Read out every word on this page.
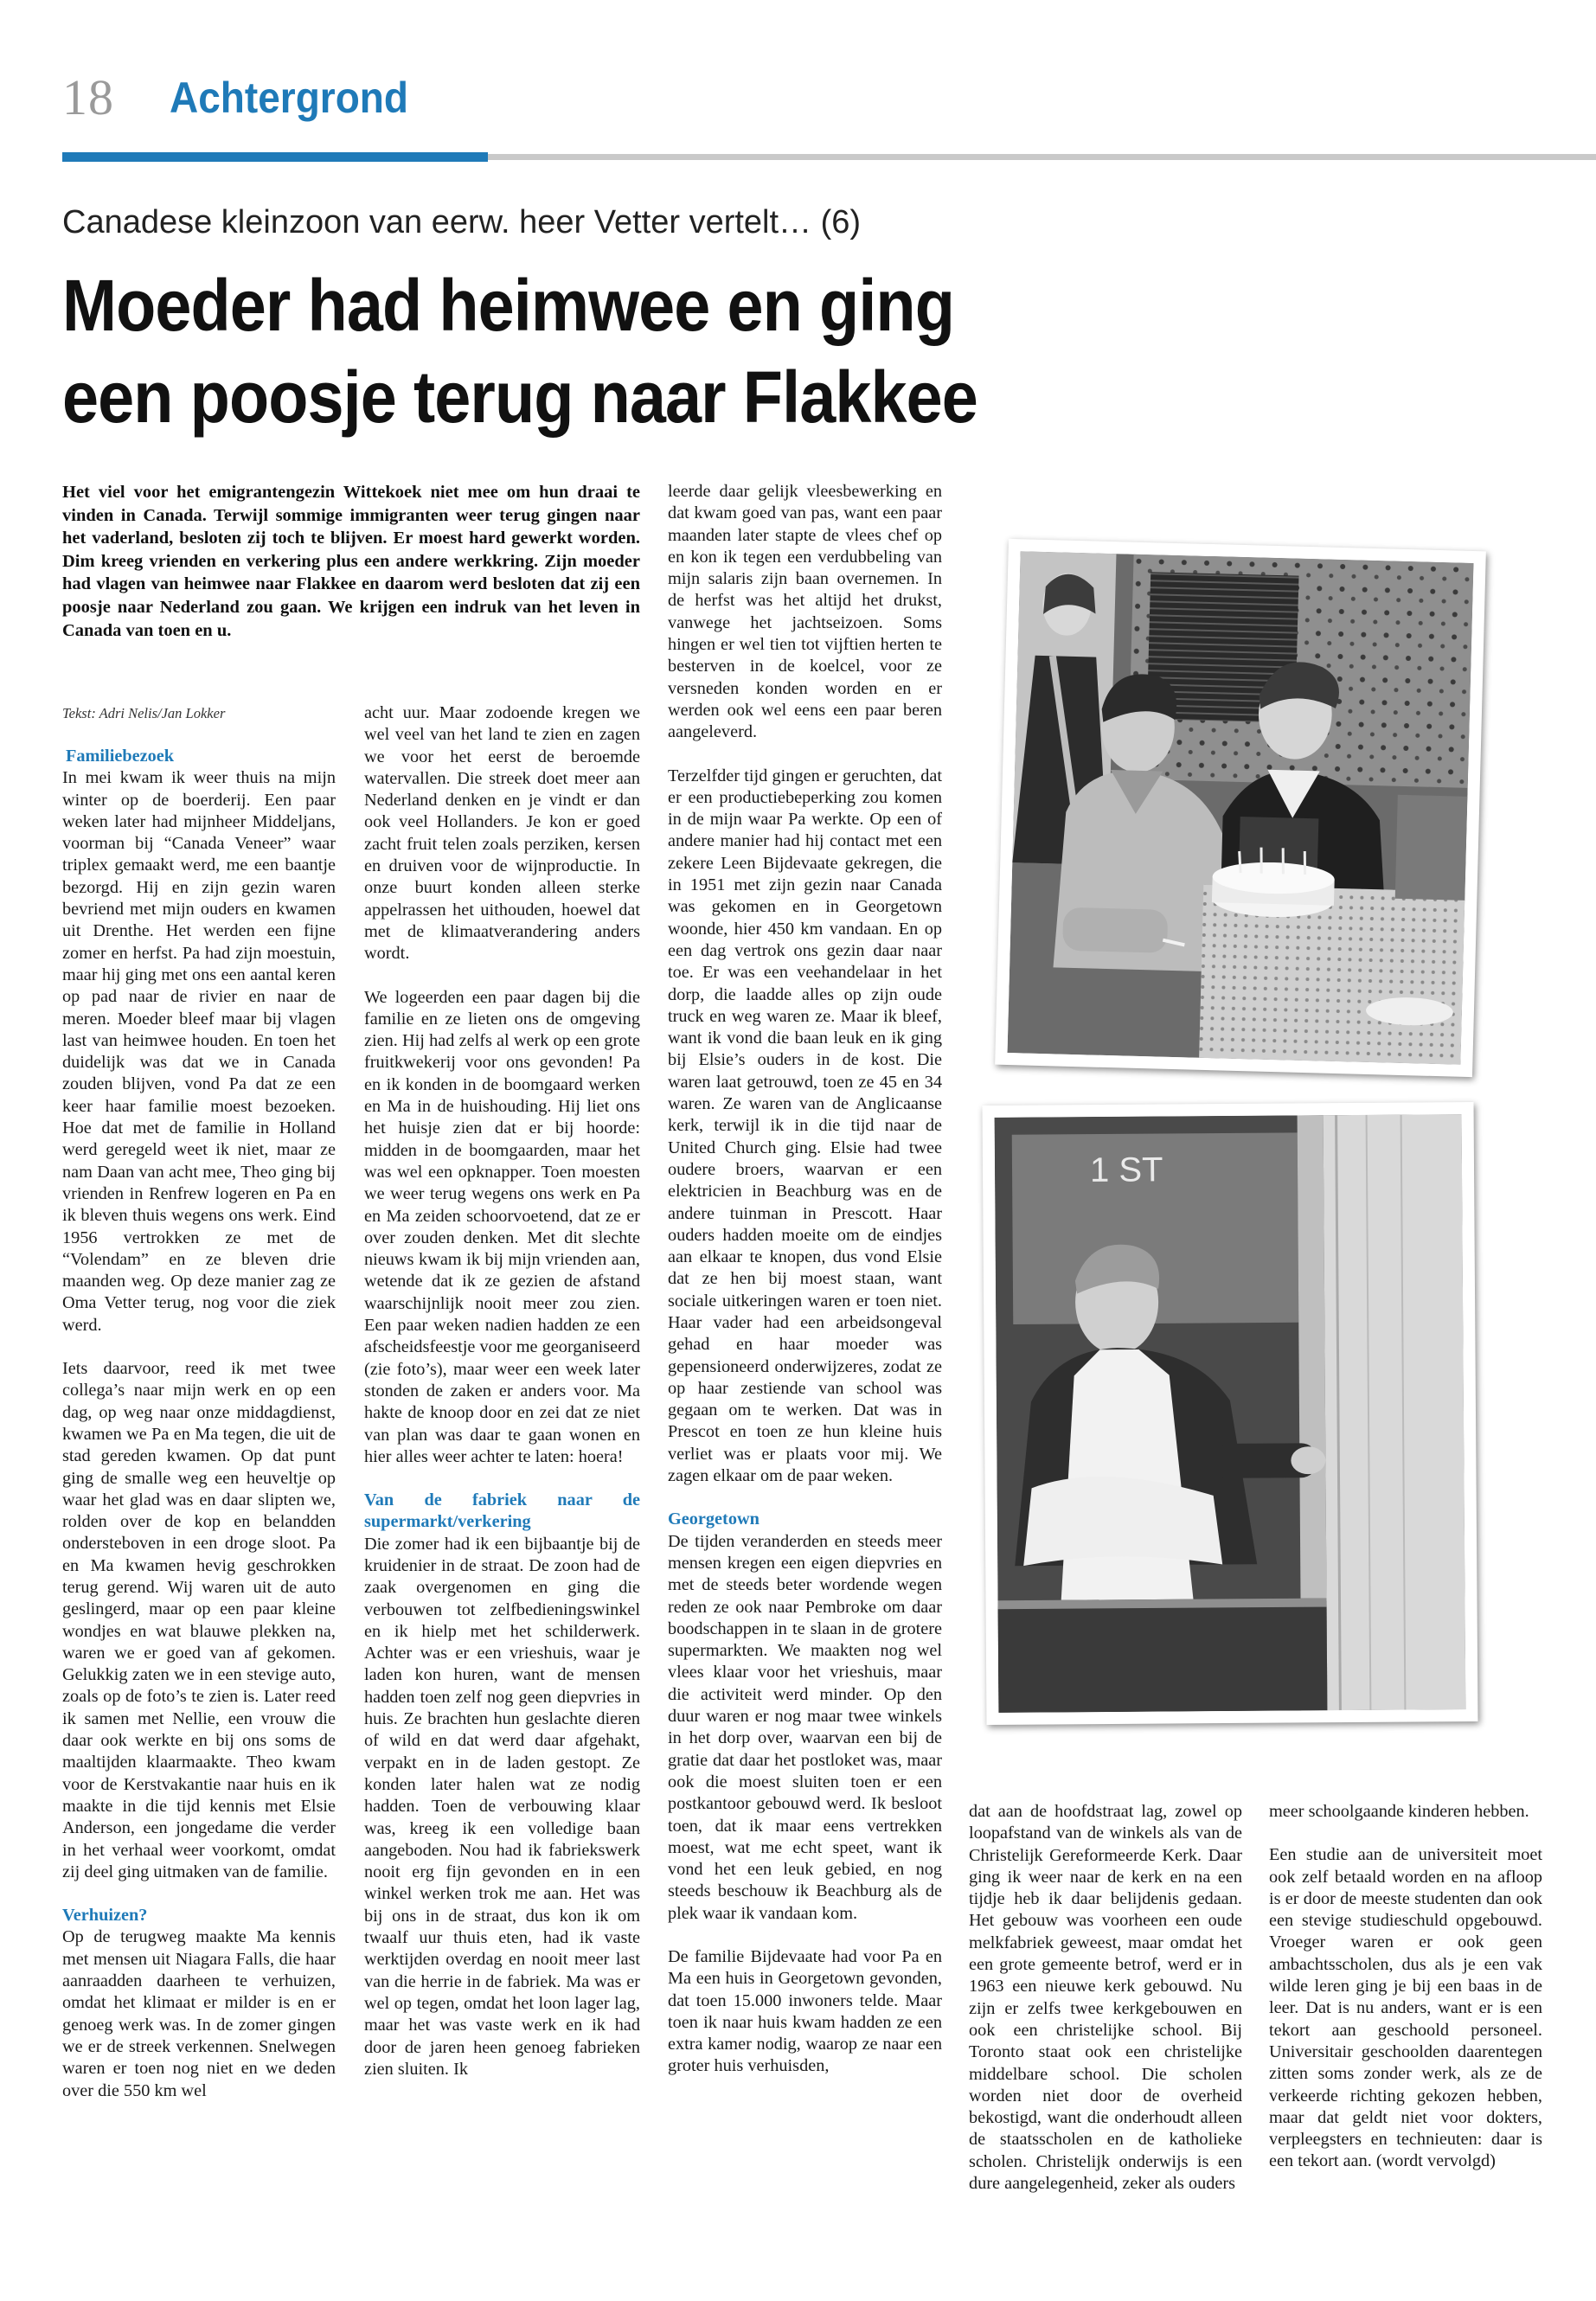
18 Achtergrond
Canadese kleinzoon van eerw. heer Vetter vertelt… (6)
Moeder had heimwee en ging
een poosje terug naar Flakkee
Het viel voor het emigrantengezin Wittekoek niet mee om hun draai te vinden in Canada. Terwijl sommige immigranten weer terug gingen naar het vaderland, besloten zij toch te blijven. Er moest hard gewerkt worden. Dim kreeg vrienden en verkering plus een andere werkkring. Zijn moeder had vlagen van heimwee naar Flakkee en daarom werd besloten dat zij een poosje naar Nederland zou gaan. We krijgen een indruk van het leven in Canada van toen en u.
Tekst: Adri Nelis/Jan Lokker
Familiebezoek

In mei kwam ik weer thuis na mijn winter op de boerderij. Een paar weken later had mijnheer Middeljans, voorman bij “Canada Veneer” waar triplex gemaakt werd, me een baantje bezorgd. Hij en zijn gezin waren bevriend met mijn ouders en kwamen uit Drenthe. Het werden een fijne zomer en herfst. Pa had zijn moestuin, maar hij ging met ons een aantal keren op pad naar de rivier en naar de meren. Moeder bleef maar bij vlagen last van heimwee houden. En toen het duidelijk was dat we in Canada zouden blijven, vond Pa dat ze een keer haar familie moest bezoeken. Hoe dat met de familie in Holland werd geregeld weet ik niet, maar ze nam Daan van acht mee, Theo ging bij vrienden in Renfrew logeren en Pa en ik bleven thuis wegens ons werk. Eind 1956 vertrokken ze met de “Volendam” en ze bleven drie maanden weg. Op deze manier zag ze Oma Vetter terug, nog voor die ziek werd.

Iets daarvoor, reed ik met twee collega’s naar mijn werk en op een dag, op weg naar onze middagdienst, kwamen we Pa en Ma tegen, die uit de stad gereden kwamen. Op dat punt ging de smalle weg een heuveltje op waar het glad was en daar slipten we, rolden over de kop en belandden ondersteboven in een droge sloot. Pa en Ma kwamen hevig geschrokken terug gerend. Wij waren uit de auto geslingerd, maar op een paar kleine wondjes en wat blauwe plekken na, waren we er goed van af gekomen. Gelukkig zaten we in een stevige auto, zoals op de foto’s te zien is. Later reed ik samen met Nellie, een vrouw die daar ook werkte en bij ons soms de maaltijden klaarmaakte. Theo kwam voor de Kerstvakantie naar huis en ik maakte in die tijd kennis met Elsie Anderson, een jongedame die verder in het verhaal weer voorkomt, omdat zij deel ging uitmaken van de familie.

Verhuizen?

Op de terugweg maakte Ma kennis met mensen uit Niagara Falls, die haar aanraadden daarheen te verhuizen, omdat het klimaat er milder is en er genoeg werk was. In de zomer gingen we er de streek verkennen. Snelwegen waren er toen nog niet en we deden over die 550 km wel

acht uur. Maar zodoende kregen we wel veel van het land te zien en zagen we voor het eerst de beroemde watervallen. Die streek doet meer aan Nederland denken en je vindt er dan ook veel Hollanders. Je kon er goed zacht fruit telen zoals perziken, kersen en druiven voor de wijnproductie. In onze buurt konden alleen sterke appelrassen het uithouden, hoewel dat met de klimaatverandering anders wordt.

We logeerden een paar dagen bij die familie en ze lieten ons de omgeving zien. Hij had zelfs al werk op een grote fruitkwekerij voor ons gevonden! Pa en ik konden in de boomgaard werken en Ma in de huishouding. Hij liet ons het huisje zien dat er bij hoorde: midden in de boomgaarden, maar het was wel een opknapper. Toen moesten we weer terug wegens ons werk en Pa en Ma zeiden schoorvoetend, dat ze er over zouden denken. Met dit slechte nieuws kwam ik bij mijn vrienden aan, wetende dat ik ze gezien de afstand waarschijnlijk nooit meer zou zien. Een paar weken nadien hadden ze een afscheidsfeestje voor me georganiseerd (zie foto’s), maar weer een week later stonden de zaken er anders voor. Ma hakte de knoop door en zei dat ze niet van plan was daar te gaan wonen en hier alles weer achter te laten: hoera!

Van de fabriek naar de supermarkt/verkering

Die zomer had ik een bijbaantje bij de kruidenier in de straat. De zoon had de zaak overgenomen en ging die verbouwen tot zelfbedieningswinkel en ik hielp met het schilderwerk. Achter was er een vrieshuis, waar je laden kon huren, want de mensen hadden toen zelf nog geen diepvries in huis. Ze brachten hun geslachte dieren of wild en dat werd daar afgehakt, verpakt en in de laden gestopt. Ze konden later halen wat ze nodig hadden. Toen de verbouwing klaar was, kreeg ik een volledige baan aangeboden. Nou had ik fabriekswerk nooit erg fijn gevonden en in een winkel werken trok me aan. Het was bij ons in de straat, dus kon ik om twaalf uur thuis eten, had ik vaste werktijden overdag en nooit meer last van die herrie in de fabriek. Ma was er wel op tegen, omdat het loon lager lag, maar het was vaste werk en ik had door de jaren heen genoeg fabrieken zien sluiten. Ik

leerde daar gelijk vleesbewerking en dat kwam goed van pas, want een paar maanden later stapte de vlees chef op en kon ik tegen een verdubbeling van mijn salaris zijn baan overnemen. In de herfst was het altijd het drukst, vanwege het jachtseizoen. Soms hingen er wel tien tot vijftien herten te besterven in de koelcel, voor ze versneden konden worden en er werden ook wel eens een paar beren aangeleverd.

Terzelfder tijd gingen er geruchten, dat er een productiebeperking zou komen in de mijn waar Pa werkte. Op een of andere manier had hij contact met een zekere Leen Bijdevaate gekregen, die in 1951 met zijn gezin naar Canada was gekomen en in Georgetown woonde, hier 450 km vandaan. En op een dag vertrok ons gezin daar naar toe. Er was een veehandelaar in het dorp, die laadde alles op zijn oude truck en weg waren ze. Maar ik bleef, want ik vond die baan leuk en ik ging bij Elsie’s ouders in de kost. Die waren laat getrouwd, toen ze 45 en 34 waren. Ze waren van de Anglicaanse kerk, terwijl ik in die tijd naar de United Church ging. Elsie had twee oudere broers, waarvan er een elektricien in Beachburg was en de andere tuinman in Prescott. Haar ouders hadden moeite om de eindjes aan elkaar te knopen, dus vond Elsie dat ze hen bij moest staan, want sociale uitkeringen waren er toen niet. Haar vader had een arbeidsongeval gehad en haar moeder was gepensioneerd onderwijzeres, zodat ze op haar zestiende van school was gegaan om te werken. Dat was in Prescot en toen ze hun kleine huis verliet was er plaats voor mij. We zagen elkaar om de paar weken.

Georgetown

De tijden veranderden en steeds meer mensen kregen een eigen diepvries en met de steeds beter wordende wegen reden ze ook naar Pembroke om daar boodschappen in te slaan in de grotere supermarkten. We maakten nog wel vlees klaar voor het vrieshuis, maar die activiteit werd minder. Op den duur waren er nog maar twee winkels in het dorp over, waarvan een bij de gratie dat daar het postloket was, maar ook die moest sluiten toen er een postkantoor gebouwd werd. Ik besloot toen, dat ik maar eens vertrekken moest, wat me echt speet, want ik vond het een leuk gebied, en nog steeds beschouw ik Beachburg als de plek waar ik vandaan kom.

De familie Bijdevaate had voor Pa en Ma een huis in Georgetown gevonden, dat toen 15.000 inwoners telde. Maar toen ik naar huis kwam hadden ze een extra kamer nodig, waarop ze naar een groter huis verhuisden,

dat aan de hoofdstraat lag, zowel op loopafstand van de winkels als van de Christelijk Gereformeerde Kerk. Daar ging ik weer naar de kerk en na een tijdje heb ik daar belijdenis gedaan. Het gebouw was voorheen een oude melkfabriek geweest, maar omdat het een grote gemeente betrof, werd er in 1963 een nieuwe kerk gebouwd. Nu zijn er zelfs twee kerkgebouwen en ook een christelijke school. Bij Toronto staat ook een christelijke middelbare school. Die scholen worden niet door de overheid bekostigd, want die onderhoudt alleen de staatsscholen en de katholieke scholen. Christelijk onderwijs is een dure aangelegenheid, zeker als ouders

meer schoolgaande kinderen hebben.

Een studie aan de universiteit moet ook zelf betaald worden en na afloop is er door de meeste studenten dan ook een stevige studieschuld opgebouwd. Vroeger waren er ook geen ambachtsscholen, dus als je een vak wilde leren ging je bij een baas in de leer. Dat is nu anders, want er is een tekort aan geschoold personeel. Universitair geschoolden daarentegen zitten soms zonder werk, als ze de verkeerde richting gekozen hebben, maar dat geldt niet voor dokters, verpleegsters en technieuten: daar is een tekort aan. (wordt vervolgd)

1 ST
